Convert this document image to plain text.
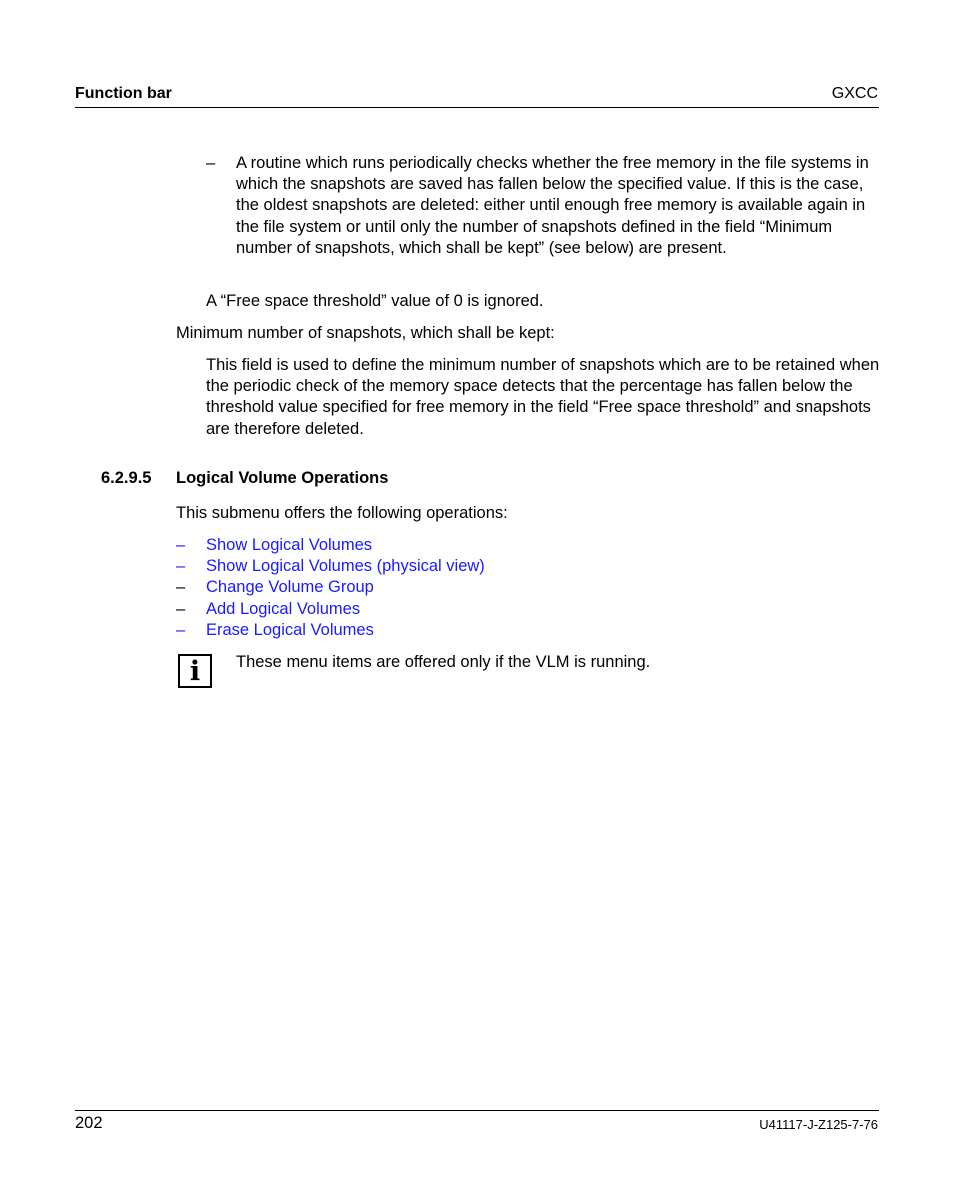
Function bar	GXCC
– A routine which runs periodically checks whether the free memory in the file systems in which the snapshots are saved has fallen below the specified value. If this is the case, the oldest snapshots are deleted: either until enough free memory is available again in the file system or until only the number of snapshots defined in the field “Minimum number of snapshots, which shall be kept” (see below) are present.
A “Free space threshold” value of 0 is ignored.
Minimum number of snapshots, which shall be kept:
This field is used to define the minimum number of snapshots which are to be retained when the periodic check of the memory space detects that the percentage has fallen below the threshold value specified for free memory in the field “Free space threshold” and snapshots are therefore deleted.
6.2.9.5 Logical Volume Operations
This submenu offers the following operations:
– Show Logical Volumes
– Show Logical Volumes (physical view)
– Change Volume Group
– Add Logical Volumes
– Erase Logical Volumes
i	These menu items are offered only if the VLM is running.
202	U41117-J-Z125-7-76
